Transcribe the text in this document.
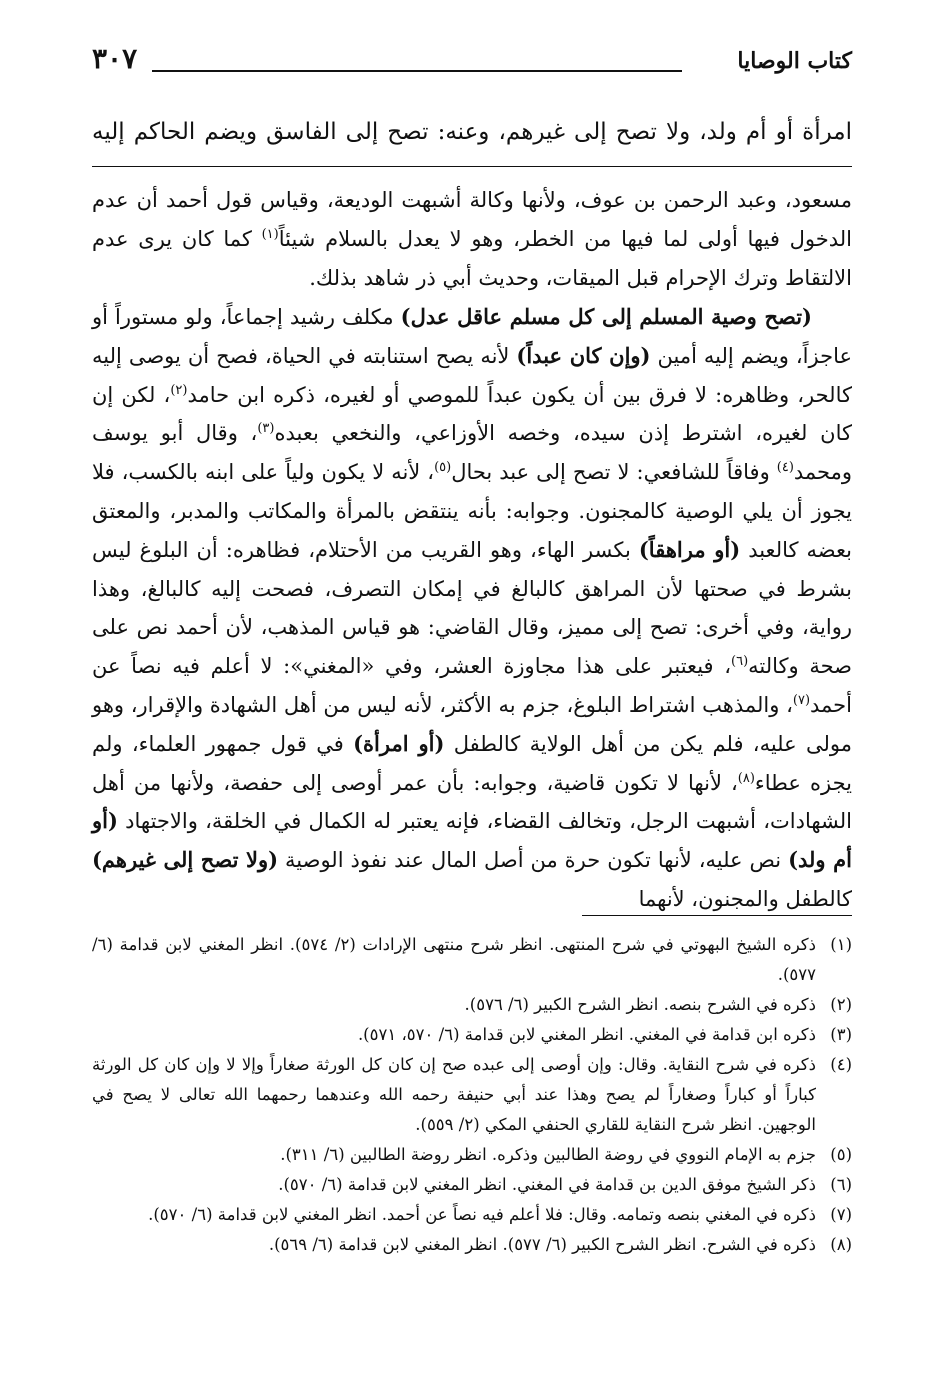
كتاب الوصايا
٣٠٧
امرأة أو أم ولد، ولا تصح إلى غيرهم، وعنه: تصح إلى الفاسق ويضم الحاكم إليه

مسعود، وعبد الرحمن بن عوف، ولأنها وكالة أشبهت الوديعة، وقياس قول أحمد أن عدم الدخول فيها أولى لما فيها من الخطر، وهو لا يعدل بالسلام شيئاً$^{(١)}$ كما كان يرى عدم الالتقاط وترك الإحرام قبل الميقات، وحديث أبي ذر شاهد بذلك.

(تصح وصية المسلم إلى كل مسلم عاقل عدل) مكلف رشيد إجماعاً، ولو مستوراً أو عاجزاً، ويضم إليه أمين (وإن كان عبداً) لأنه يصح استنابته في الحياة، فصح أن يوصى إليه كالحر، وظاهره: لا فرق بين أن يكون عبداً للموصي أو لغيره، ذكره ابن حامد$^{(٢)}$، لكن إن كان لغيره، اشترط إذن سيده، وخصه الأوزاعي، والنخعي بعبده$^{(٣)}$، وقال أبو يوسف ومحمد$^{(٤)}$ وفاقاً للشافعي: لا تصح إلى عبد بحال$^{(٥)}$، لأنه لا يكون ولياً على ابنه بالكسب، فلا يجوز أن يلي الوصية كالمجنون. وجوابه: بأنه ينتقض بالمرأة والمكاتب والمدبر، والمعتق بعضه كالعبد (أو مراهقاً) بكسر الهاء، وهو القريب من الأحتلام، فظاهره: أن البلوغ ليس بشرط في صحتها لأن المراهق كالبالغ في إمكان التصرف، فصحت إليه كالبالغ، وهذا رواية، وفي أخرى: تصح إلى مميز، وقال القاضي: هو قياس المذهب، لأن أحمد نص على صحة وكالته$^{(٦)}$، فيعتبر على هذا مجاوزة العشر، وفي «المغني»: لا أعلم فيه نصاً عن أحمد$^{(٧)}$، والمذهب اشتراط البلوغ، جزم به الأكثر، لأنه ليس من أهل الشهادة والإقرار، وهو مولى عليه، فلم يكن من أهل الولاية كالطفل (أو امرأة) في قول جمهور العلماء، ولم يجزه عطاء$^{(٨)}$، لأنها لا تكون قاضية، وجوابه: بأن عمر أوصى إلى حفصة، ولأنها من أهل الشهادات، أشبهت الرجل، وتخالف القضاء، فإنه يعتبر له الكمال في الخلقة، والاجتهاد (أو أم ولد) نص عليه، لأنها تكون حرة من أصل المال عند نفوذ الوصية (ولا تصح إلى غيرهم) كالطفل والمجنون، لأنهما

(١)
ذكره الشيخ البهوتي في شرح المنتهى. انظر شرح منتهى الإرادات (٢/ ٥٧٤). انظر المغني لابن قدامة (٦/ ٥٧٧).
(٢)
ذكره في الشرح بنصه. انظر الشرح الكبير (٦/ ٥٧٦).
(٣)
ذكره ابن قدامة في المغني. انظر المغني لابن قدامة (٦/ ٥٧٠، ٥٧١).
(٤)
ذكره في شرح النقاية. وقال: وإن أوصى إلى عبده صح إن كان كل الورثة صغاراً وإلا لا وإن كان كل الورثة كباراً أو كباراً وصغاراً لم يصح وهذا عند أبي حنيفة رحمه الله وعندهما رحمهما الله تعالى لا يصح في الوجهين. انظر شرح النقاية للقاري الحنفي المكي (٢/ ٥٥٩).
(٥)
جزم به الإمام النووي في روضة الطالبين وذكره. انظر روضة الطالبين (٦/ ٣١١).
(٦)
ذكر الشيخ موفق الدين بن قدامة في المغني. انظر المغني لابن قدامة (٦/ ٥٧٠).
(٧)
ذكره في المغني بنصه وتمامه. وقال: فلا أعلم فيه نصاً عن أحمد. انظر المغني لابن قدامة (٦/ ٥٧٠).
(٨)
ذكره في الشرح. انظر الشرح الكبير (٦/ ٥٧٧). انظر المغني لابن قدامة (٦/ ٥٦٩).
